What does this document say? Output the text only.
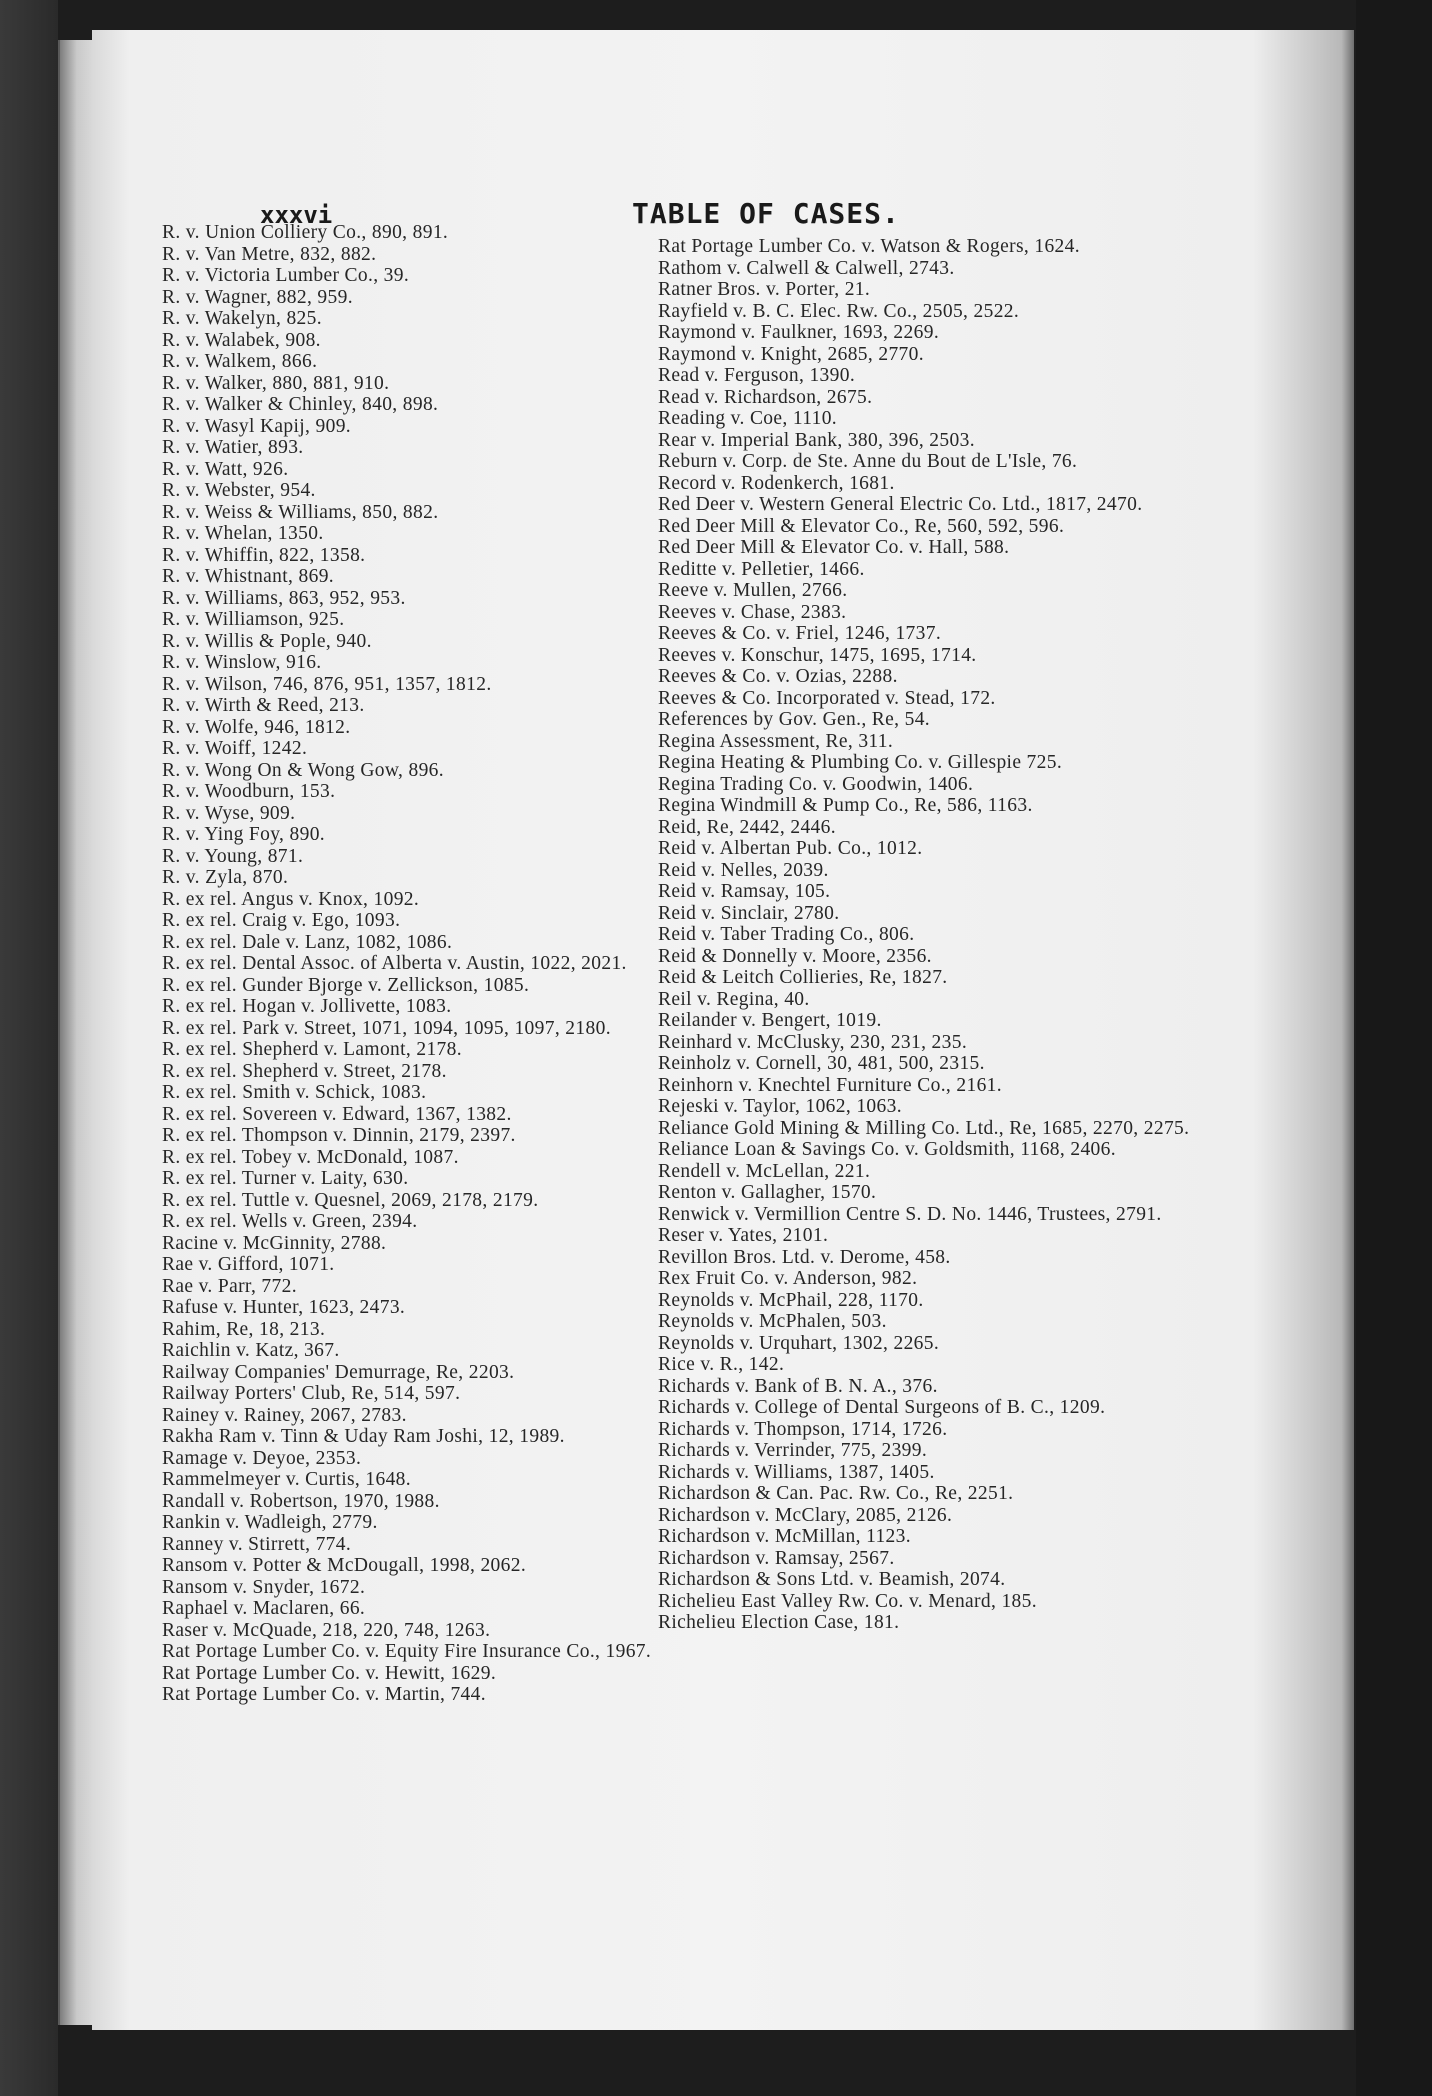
xxxvi	TABLE OF CASES.

R. v. Union Colliery Co., 890, 891.

R. v. Van Metre, 832, 882.

R. v. Victoria Lumber Co., 39.

R. v. Wagner, 882, 959.

R. v. Wakelyn, 825.

R. v. Walabek, 908.

R. v. Walkem, 866.

R. v. Walker, 880, 881, 910.

R. v. Walker & Chinley, 840, 898.

R. v. Wasyl Kapij, 909.

R. v. Watier, 893.

R. v. Watt, 926.

R. v. Webster, 954.

R. v. Weiss & Williams, 850, 882.

R. v. Whelan, 1350.

R. v. Whiffin, 822, 1358.

R. v. Whistnant, 869.

R. v. Williams, 863, 952, 953.

R. v. Williamson, 925.

R. v. Willis & Pople, 940.

R. v. Winslow, 916.

R. v. Wilson, 746, 876, 951, 1357, 1812.

R. v. Wirth & Reed, 213.

R. v. Wolfe, 946, 1812.

R. v. Woiff, 1242.

R. v. Wong On & Wong Gow, 896.

R. v. Woodburn, 153.

R. v. Wyse, 909.

R. v. Ying Foy, 890.

R. v. Young, 871.

R. v. Zyla, 870.

R. ex rel. Angus v. Knox, 1092.

R. ex rel. Craig v. Ego, 1093.

R. ex rel. Dale v. Lanz, 1082, 1086.

R. ex rel. Dental Assoc. of Alberta v. Austin, 1022, 2021.

R. ex rel. Gunder Bjorge v. Zellickson, 1085.

R. ex rel. Hogan v. Jollivette, 1083.

R. ex rel. Park v. Street, 1071, 1094, 1095, 1097, 2180.

R. ex rel. Shepherd v. Lamont, 2178.

R. ex rel. Shepherd v. Street, 2178.

R. ex rel. Smith v. Schick, 1083.

R. ex rel. Sovereen v. Edward, 1367, 1382.

R. ex rel. Thompson v. Dinnin, 2179, 2397.

R. ex rel. Tobey v. McDonald, 1087.

R. ex rel. Turner v. Laity, 630.

R. ex rel. Tuttle v. Quesnel, 2069, 2178, 2179.

R. ex rel. Wells v. Green, 2394.

Racine v. McGinnity, 2788.

Rae v. Gifford, 1071.

Rae v. Parr, 772.

Rafuse v. Hunter, 1623, 2473.

Rahim, Re, 18, 213.

Raichlin v. Katz, 367.

Railway Companies' Demurrage, Re, 2203.

Railway Porters' Club, Re, 514, 597.

Rainey v. Rainey, 2067, 2783.

Rakha Ram v. Tinn & Uday Ram Joshi, 12, 1989.

Ramage v. Deyoe, 2353.

Rammelmeyer v. Curtis, 1648.

Randall v. Robertson, 1970, 1988.

Rankin v. Wadleigh, 2779.

Ranney v. Stirrett, 774.

Ransom v. Potter & McDougall, 1998, 2062.

Ransom v. Snyder, 1672.

Raphael v. Maclaren, 66.

Raser v. McQuade, 218, 220, 748, 1263.

Rat Portage Lumber Co. v. Equity Fire Insurance Co., 1967.

Rat Portage Lumber Co. v. Hewitt, 1629.

Rat Portage Lumber Co. v. Martin, 744.

Rat Portage Lumber Co. v. Watson & Rogers, 1624.

Rathom v. Calwell & Calwell, 2743.

Ratner Bros. v. Porter, 21.

Rayfield v. B. C. Elec. Rw. Co., 2505, 2522.

Raymond v. Faulkner, 1693, 2269.

Raymond v. Knight, 2685, 2770.

Read v. Ferguson, 1390.

Read v. Richardson, 2675.

Reading v. Coe, 1110.

Rear v. Imperial Bank, 380, 396, 2503.

Reburn v. Corp. de Ste. Anne du Bout de L'Isle, 76.

Record v. Rodenkerch, 1681.

Red Deer v. Western General Electric Co. Ltd., 1817, 2470.

Red Deer Mill & Elevator Co., Re, 560, 592, 596.

Red Deer Mill & Elevator Co. v. Hall, 588.

Reditte v. Pelletier, 1466.

Reeve v. Mullen, 2766.

Reeves v. Chase, 2383.

Reeves & Co. v. Friel, 1246, 1737.

Reeves v. Konschur, 1475, 1695, 1714.

Reeves & Co. v. Ozias, 2288.

Reeves & Co. Incorporated v. Stead, 172.

References by Gov. Gen., Re, 54.

Regina Assessment, Re, 311.

Regina Heating & Plumbing Co. v. Gillespie 725.

Regina Trading Co. v. Goodwin, 1406.

Regina Windmill & Pump Co., Re, 586, 1163.

Reid, Re, 2442, 2446.

Reid v. Albertan Pub. Co., 1012.

Reid v. Nelles, 2039.

Reid v. Ramsay, 105.

Reid v. Sinclair, 2780.

Reid v. Taber Trading Co., 806.

Reid & Donnelly v. Moore, 2356.

Reid & Leitch Collieries, Re, 1827.

Reil v. Regina, 40.

Reilander v. Bengert, 1019.

Reinhard v. McClusky, 230, 231, 235.

Reinholz v. Cornell, 30, 481, 500, 2315.

Reinhorn v. Knechtel Furniture Co., 2161.

Rejeski v. Taylor, 1062, 1063.

Reliance Gold Mining & Milling Co. Ltd., Re, 1685, 2270, 2275.

Reliance Loan & Savings Co. v. Goldsmith, 1168, 2406.

Rendell v. McLellan, 221.

Renton v. Gallagher, 1570.

Renwick v. Vermillion Centre S. D. No. 1446, Trustees, 2791.

Reser v. Yates, 2101.

Revillon Bros. Ltd. v. Derome, 458.

Rex Fruit Co. v. Anderson, 982.

Reynolds v. McPhail, 228, 1170.

Reynolds v. McPhalen, 503.

Reynolds v. Urquhart, 1302, 2265.

Rice v. R., 142.

Richards v. Bank of B. N. A., 376.

Richards v. College of Dental Surgeons of B. C., 1209.

Richards v. Thompson, 1714, 1726.

Richards v. Verrinder, 775, 2399.

Richards v. Williams, 1387, 1405.

Richardson & Can. Pac. Rw. Co., Re, 2251.

Richardson v. McClary, 2085, 2126.

Richardson v. McMillan, 1123.

Richardson v. Ramsay, 2567.

Richardson & Sons Ltd. v. Beamish, 2074.

Richelieu East Valley Rw. Co. v. Menard, 185.

Richelieu Election Case, 181.
